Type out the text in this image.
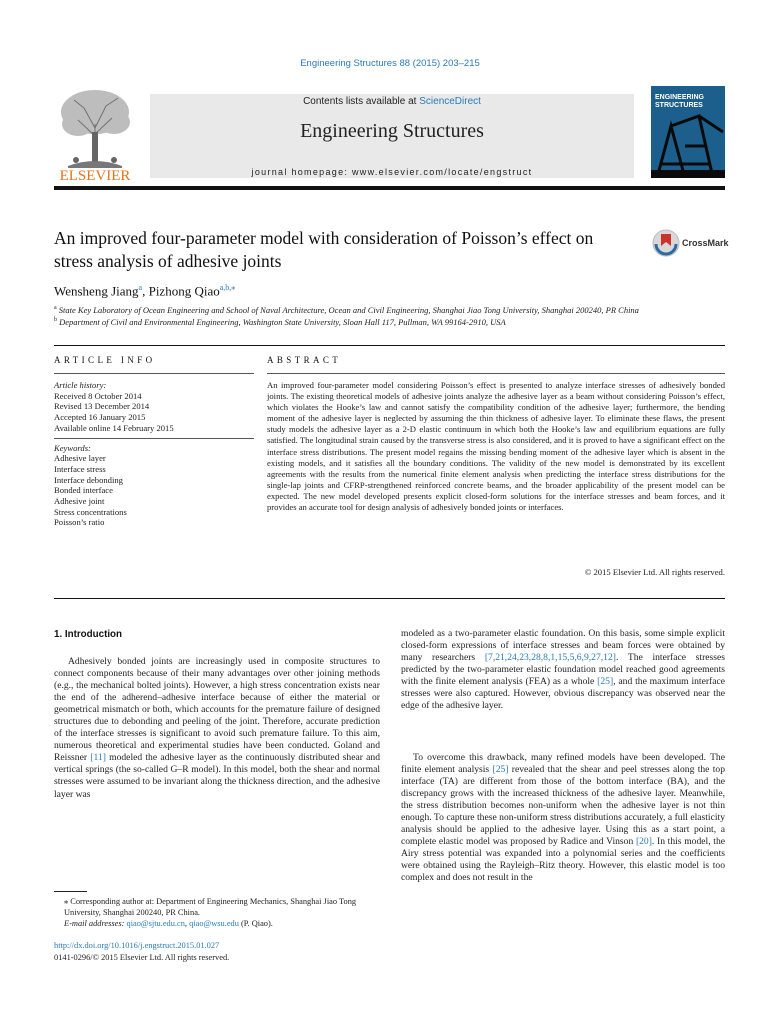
Engineering Structures 88 (2015) 203–215
ELSEVIER
Contents lists available at ScienceDirect
Engineering Structures
journal homepage: www.elsevier.com/locate/engstruct
ENGINEERING STRUCTURES
An improved four-parameter model with consideration of Poisson’s effect on stress analysis of adhesive joints
CrossMark
Wensheng Jiang$^a$, Pizhong Qiao$^{a,b,⁎}$
$^a$ State Key Laboratory of Ocean Engineering and School of Naval Architecture, Ocean and Civil Engineering, Shanghai Jiao Tong University, Shanghai 200240, PR China
$^b$ Department of Civil and Environmental Engineering, Washington State University, Sloan Hall 117, Pullman, WA 99164-2910, USA
ARTICLE INFO	ABSTRACT
Article history:
Received 8 October 2014
Revised 13 December 2014
Accepted 16 January 2015
Available online 14 February 2015
Keywords:
Adhesive layer
Interface stress
Interface debonding
Bonded interface
Adhesive joint
Stress concentrations
Poisson’s ratio
An improved four-parameter model considering Poisson’s effect is presented to analyze interface stresses of adhesively bonded joints. The existing theoretical models of adhesive joints analyze the adhesive layer as a beam without considering Poisson’s effect, which violates the Hooke’s law and cannot satisfy the compatibility condition of the adhesive layer; furthermore, the bending moment of the adhesive layer is neglected by assuming the thin thickness of adhesive layer. To eliminate these flaws, the present study models the adhesive layer as a 2-D elastic continuum in which both the Hooke’s law and equilibrium equations are fully satisfied. The longitudinal strain caused by the transverse stress is also considered, and it is proved to have a significant effect on the interface stress distributions. The present model regains the missing bending moment of the adhesive layer which is absent in the existing models, and it satisfies all the boundary conditions. The validity of the new model is demonstrated by its excellent agreements with the results from the numerical finite element analysis when predicting the interface stress distributions for the single-lap joints and CFRP-strengthened reinforced concrete beams, and the broader applicability of the present model can be expected. The new model developed presents explicit closed-form solutions for the interface stresses and beam forces, and it provides an accurate tool for design analysis of adhesively bonded joints or interfaces.
© 2015 Elsevier Ltd. All rights reserved.
1. Introduction
Adhesively bonded joints are increasingly used in composite structures to connect components because of their many advantages over other joining methods (e.g., the mechanical bolted joints). However, a high stress concentration exists near the end of the adherend–adhesive interface because of either the material or geometrical mismatch or both, which accounts for the premature failure of designed structures due to debonding and peeling of the joint. Therefore, accurate prediction of the interface stresses is significant to avoid such premature failure. To this aim, numerous theoretical and experimental studies have been conducted. Goland and Reissner [11] modeled the adhesive layer as the continuously distributed shear and vertical springs (the so-called G–R model). In this model, both the shear and normal stresses were assumed to be invariant along the thickness direction, and the adhesive layer was
modeled as a two-parameter elastic foundation. On this basis, some simple explicit closed-form expressions of interface stresses and beam forces were obtained by many researchers [7,21,24,23,28,8,1,15,5,6,9,27,12]. The interface stresses predicted by the two-parameter elastic foundation model reached good agreements with the finite element analysis (FEA) as a whole [25], and the maximum interface stresses were also captured. However, obvious discrepancy was observed near the edge of the adhesive layer.
To overcome this drawback, many refined models have been developed. The finite element analysis [25] revealed that the shear and peel stresses along the top interface (TA) are different from those of the bottom interface (BA), and the discrepancy grows with the increased thickness of the adhesive layer. Meanwhile, the stress distribution becomes non-uniform when the adhesive layer is not thin enough. To capture these non-uniform stress distributions accurately, a full elasticity analysis should be applied to the adhesive layer. Using this as a start point, a complete elastic model was proposed by Radice and Vinson [20]. In this model, the Airy stress potential was expanded into a polynomial series and the coefficients were obtained using the Rayleigh–Ritz theory. However, this elastic model is too complex and does not result in the
⁎ Corresponding author at: Department of Engineering Mechanics, Shanghai Jiao Tong University, Shanghai 200240, PR China.
E-mail addresses: qiao@sjtu.edu.cn, qiao@wsu.edu (P. Qiao).
http://dx.doi.org/10.1016/j.engstruct.2015.01.027
0141-0296/© 2015 Elsevier Ltd. All rights reserved.
